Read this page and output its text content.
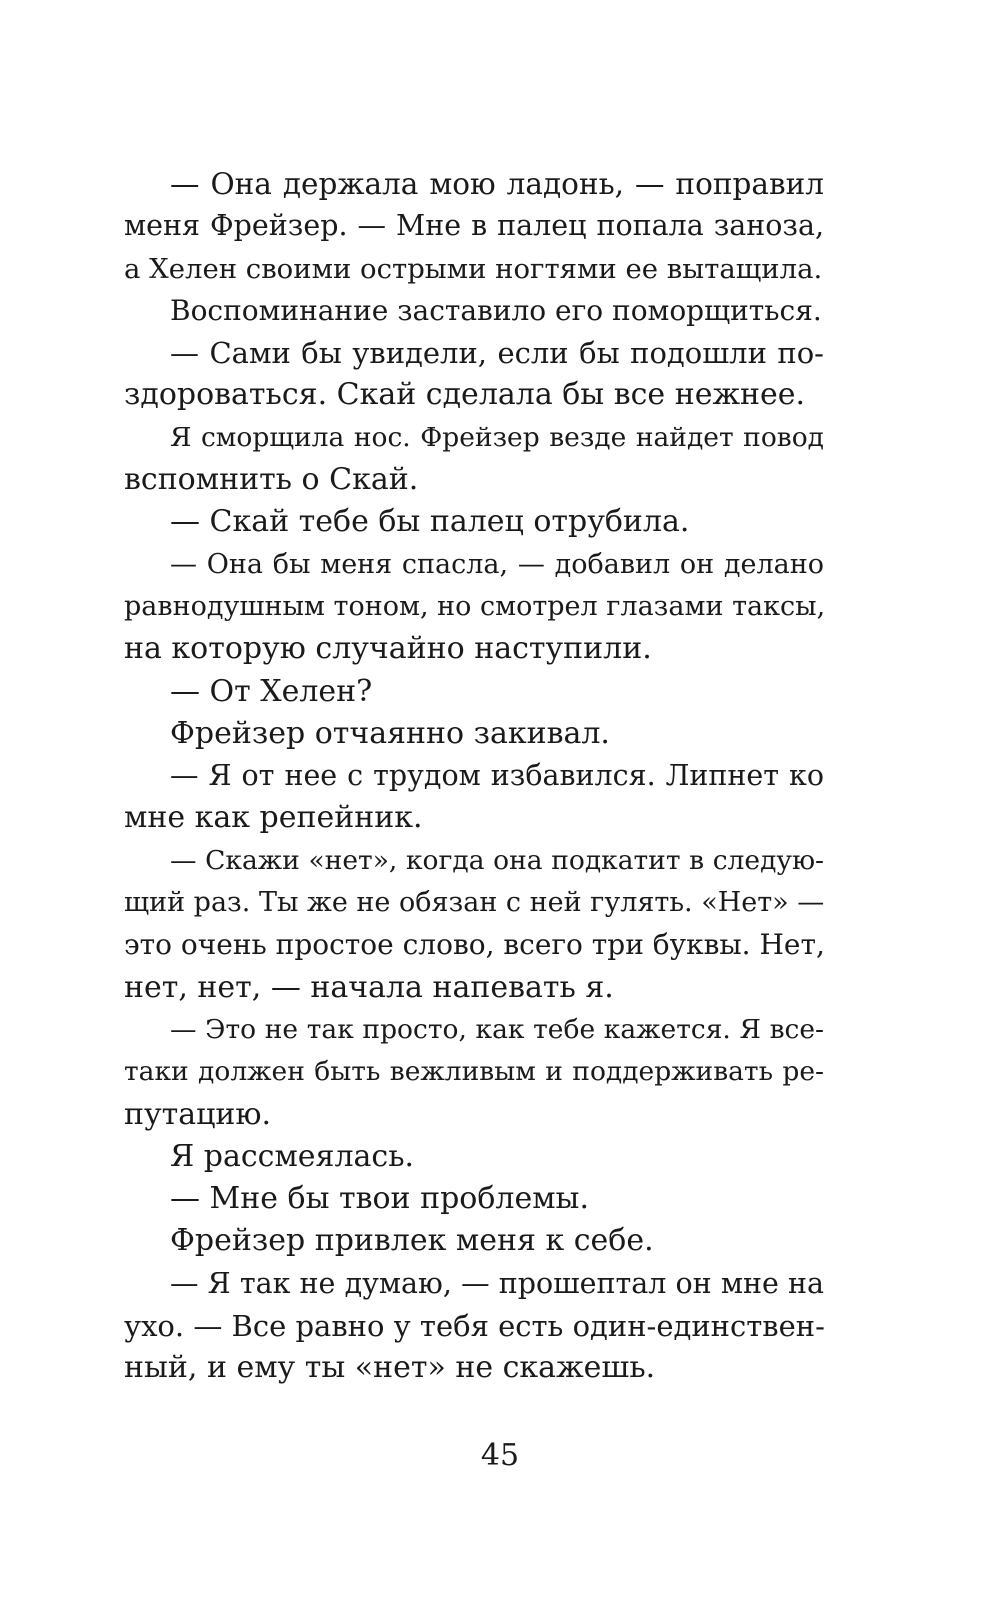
— Она держала мою ладонь, — поправил
меня Фрейзер. — Мне в палец попала заноза,
а Хелен своими острыми ногтями ее вытащила.

Воспоминание заставило его поморщиться.

— Сами бы увидели, если бы подошли по-
здороваться. Скай сделала бы все нежнее.

Я сморщила нос. Фрейзер везде найдет повод
вспомнить о Скай.

— Скай тебе бы палец отрубила.

— Она бы меня спасла, — добавил он делано
равнодушным тоном, но смотрел глазами таксы,
на которую случайно наступили.

— От Хелен?

Фрейзер отчаянно закивал.

— Я от нее с трудом избавился. Липнет ко
мне как репейник.

— Скажи «нет», когда она подкатит в следую-
щий раз. Ты же не обязан с ней гулять. «Нет» —
это очень простое слово, всего три буквы. Нет,
нет, нет, — начала напевать я.

— Это не так просто, как тебе кажется. Я все-
таки должен быть вежливым и поддерживать ре-
путацию.

Я рассмеялась.

— Мне бы твои проблемы.

Фрейзер привлек меня к себе.

— Я так не думаю, — прошептал он мне на
ухо. — Все равно у тебя есть один-единствен-
ный, и ему ты «нет» не скажешь.

45
